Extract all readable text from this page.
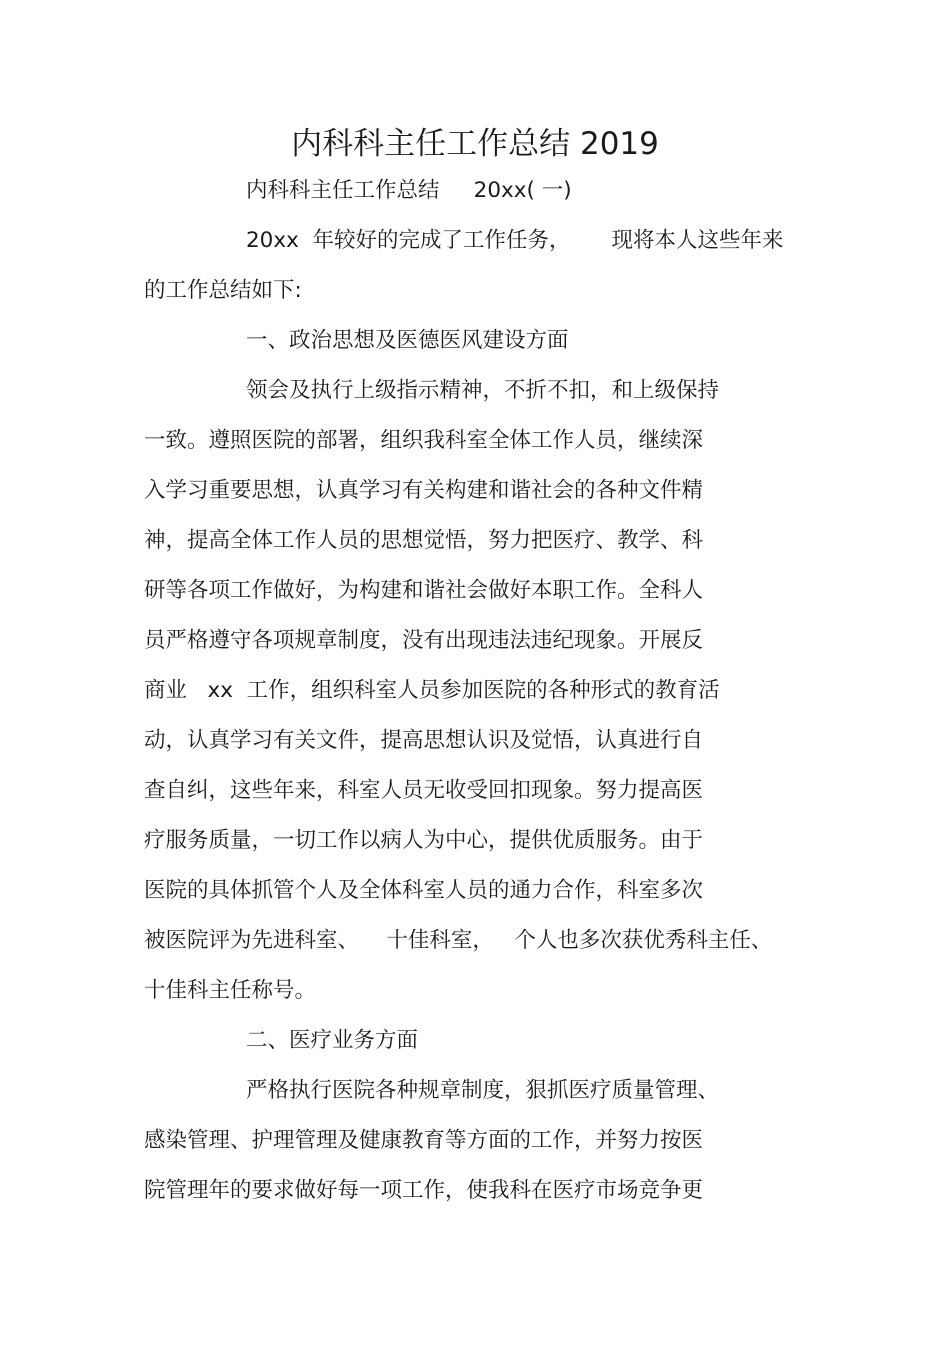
内科科主任工作总结 2019
内科科主任工作总结     20xx( 一)
20xx  年较好的完成了工作任务，      现将本人这些年来
的工作总结如下:
一、政治思想及医德医风建设方面
领会及执行上级指示精神，不折不扣，和上级保持
一致。遵照医院的部署，组织我科室全体工作人员，继续深
入学习重要思想，认真学习有关构建和谐社会的各种文件精
神，提高全体工作人员的思想觉悟，努力把医疗、教学、科
研等各项工作做好，为构建和谐社会做好本职工作。全科人
员严格遵守各项规章制度，没有出现违法违纪现象。开展反
商业   xx  工作，组织科室人员参加医院的各种形式的教育活
动，认真学习有关文件，提高思想认识及觉悟，认真进行自
查自纠，这些年来，科室人员无收受回扣现象。努力提高医
疗服务质量，一切工作以病人为中心，提供优质服务。由于
医院的具体抓管个人及全体科室人员的通力合作，科室多次
被医院评为先进科室、    十佳科室，   个人也多次获优秀科主任、
十佳科主任称号。
二、医疗业务方面
严格执行医院各种规章制度，狠抓医疗质量管理、
感染管理、护理管理及健康教育等方面的工作，并努力按医
院管理年的要求做好每一项工作，使我科在医疗市场竞争更
